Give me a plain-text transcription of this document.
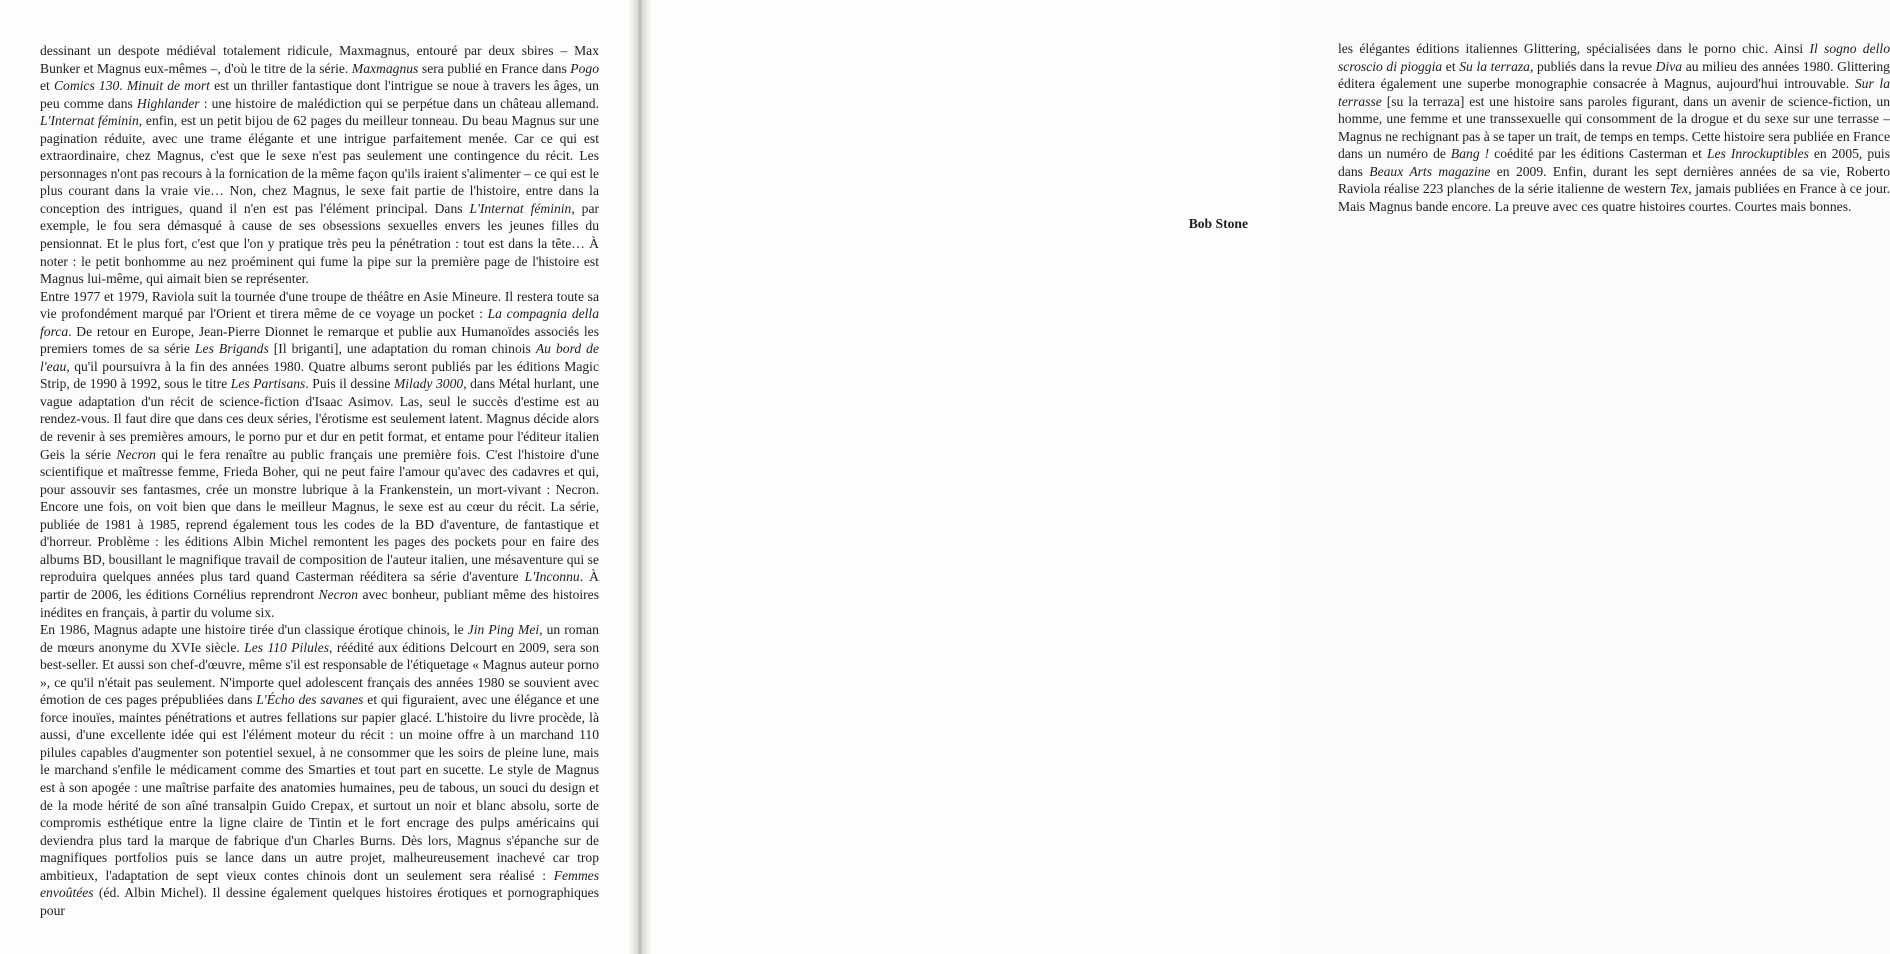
dessinant un despote médiéval totalement ridicule, Maxmagnus, entouré par deux sbires – Max Bunker et Magnus eux-mêmes –, d'où le titre de la série. Maxmagnus sera publié en France dans Pogo et Comics 130. Minuit de mort est un thriller fantastique dont l'intrigue se noue à travers les âges, un peu comme dans Highlander : une histoire de malédiction qui se perpétue dans un château allemand. L'Internat féminin, enfin, est un petit bijou de 62 pages du meilleur tonneau. Du beau Magnus sur une pagination réduite, avec une trame élégante et une intrigue parfaitement menée. Car ce qui est extraordinaire, chez Magnus, c'est que le sexe n'est pas seulement une contingence du récit. Les personnages n'ont pas recours à la fornication de la même façon qu'ils iraient s'alimenter – ce qui est le plus courant dans la vraie vie… Non, chez Magnus, le sexe fait partie de l'histoire, entre dans la conception des intrigues, quand il n'en est pas l'élément principal. Dans L'Internat féminin, par exemple, le fou sera démasqué à cause de ses obsessions sexuelles envers les jeunes filles du pensionnat. Et le plus fort, c'est que l'on y pratique très peu la pénétration : tout est dans la tête… À noter : le petit bonhomme au nez proéminent qui fume la pipe sur la première page de l'histoire est Magnus lui-même, qui aimait bien se représenter.

Entre 1977 et 1979, Raviola suit la tournée d'une troupe de théâtre en Asie Mineure. Il restera toute sa vie profondément marqué par l'Orient et tirera même de ce voyage un pocket : La compagnia della forca. De retour en Europe, Jean-Pierre Dionnet le remarque et publie aux Humanoïdes associés les premiers tomes de sa série Les Brigands [Il briganti], une adaptation du roman chinois Au bord de l'eau, qu'il poursuivra à la fin des années 1980. Quatre albums seront publiés par les éditions Magic Strip, de 1990 à 1992, sous le titre Les Partisans. Puis il dessine Milady 3000, dans Métal hurlant, une vague adaptation d'un récit de science-fiction d'Isaac Asimov. Las, seul le succès d'estime est au rendez-vous. Il faut dire que dans ces deux séries, l'érotisme est seulement latent. Magnus décide alors de revenir à ses premières amours, le porno pur et dur en petit format, et entame pour l'éditeur italien Geis la série Necron qui le fera renaître au public français une première fois. C'est l'histoire d'une scientifique et maîtresse femme, Frieda Boher, qui ne peut faire l'amour qu'avec des cadavres et qui, pour assouvir ses fantasmes, crée un monstre lubrique à la Frankenstein, un mort-vivant : Necron. Encore une fois, on voit bien que dans le meilleur Magnus, le sexe est au cœur du récit. La série, publiée de 1981 à 1985, reprend également tous les codes de la BD d'aventure, de fantastique et d'horreur. Problème : les éditions Albin Michel remontent les pages des pockets pour en faire des albums BD, bousillant le magnifique travail de composition de l'auteur italien, une mésaventure qui se reproduira quelques années plus tard quand Casterman rééditera sa série d'aventure L'Inconnu. À partir de 2006, les éditions Cornélius reprendront Necron avec bonheur, publiant même des histoires inédites en français, à partir du volume six.

En 1986, Magnus adapte une histoire tirée d'un classique érotique chinois, le Jin Ping Mei, un roman de mœurs anonyme du XVIe siècle. Les 110 Pilules, réédité aux éditions Delcourt en 2009, sera son best-seller. Et aussi son chef-d'œuvre, même s'il est responsable de l'étiquetage « Magnus auteur porno », ce qu'il n'était pas seulement. N'importe quel adolescent français des années 1980 se souvient avec émotion de ces pages prépubliées dans L'Écho des savanes et qui figuraient, avec une élégance et une force inouïes, maintes pénétrations et autres fellations sur papier glacé. L'histoire du livre procède, là aussi, d'une excellente idée qui est l'élément moteur du récit : un moine offre à un marchand 110 pilules capables d'augmenter son potentiel sexuel, à ne consommer que les soirs de pleine lune, mais le marchand s'enfile le médicament comme des Smarties et tout part en sucette. Le style de Magnus est à son apogée : une maîtrise parfaite des anatomies humaines, peu de tabous, un souci du design et de la mode hérité de son aîné transalpin Guido Crepax, et surtout un noir et blanc absolu, sorte de compromis esthétique entre la ligne claire de Tintin et le fort encrage des pulps américains qui deviendra plus tard la marque de fabrique d'un Charles Burns. Dès lors, Magnus s'épanche sur de magnifiques portfolios puis se lance dans un autre projet, malheureusement inachevé car trop ambitieux, l'adaptation de sept vieux contes chinois dont un seulement sera réalisé : Femmes envoûtées (éd. Albin Michel). Il dessine également quelques histoires érotiques et pornographiques pour

les élégantes éditions italiennes Glittering, spécialisées dans le porno chic. Ainsi Il sogno dello scroscio di pioggia et Su la terraza, publiés dans la revue Diva au milieu des années 1980. Glittering éditera également une superbe monographie consacrée à Magnus, aujourd'hui introuvable. Sur la terrasse [su la terraza] est une histoire sans paroles figurant, dans un avenir de science-fiction, un homme, une femme et une transsexuelle qui consomment de la drogue et du sexe sur une terrasse – Magnus ne rechignant pas à se taper un trait, de temps en temps. Cette histoire sera publiée en France dans un numéro de Bang ! coédité par les éditions Casterman et Les Inrockuptibles en 2005, puis dans Beaux Arts magazine en 2009. Enfin, durant les sept dernières années de sa vie, Roberto Raviola réalise 223 planches de la série italienne de western Tex, jamais publiées en France à ce jour. Mais Magnus bande encore. La preuve avec ces quatre histoires courtes. Courtes mais bonnes.

Bob Stone
